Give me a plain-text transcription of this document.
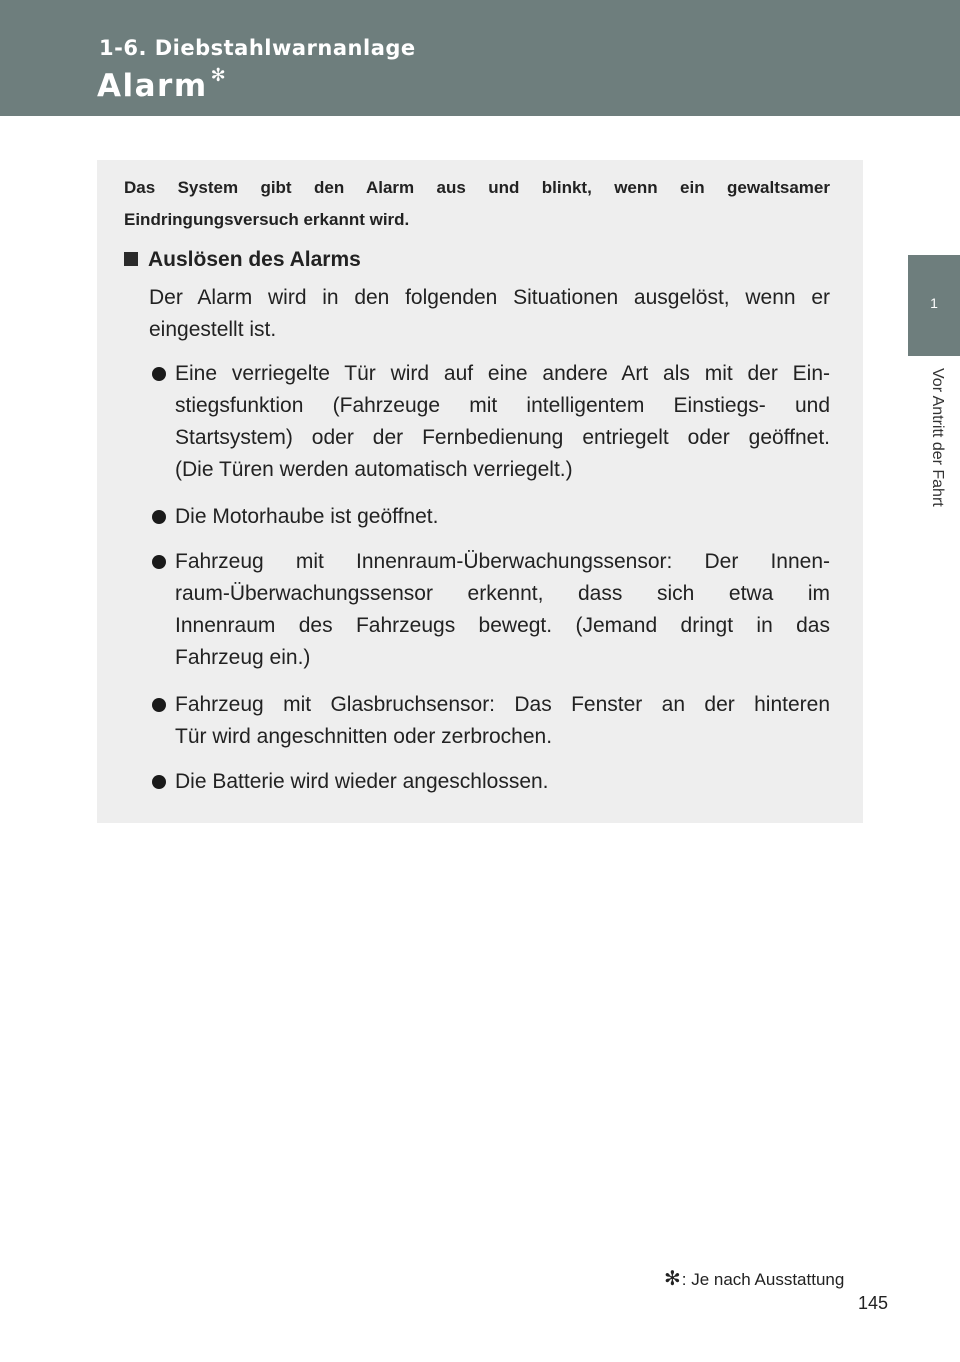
1-6. Diebstahlwarnanlage
Alarm ✻
1
Vor Antritt der Fahrt

Das System gibt den Alarm aus und blinkt, wenn ein gewaltsamer
Eindringungsversuch erkannt wird.

Auslösen des Alarms

Der Alarm wird in den folgenden Situationen ausgelöst, wenn er
eingestellt ist.

Eine verriegelte Tür wird auf eine andere Art als mit der Ein-
stiegsfunktion (Fahrzeuge mit intelligentem Einstiegs- und
Startsystem) oder der Fernbedienung entriegelt oder geöffnet.
(Die Türen werden automatisch verriegelt.)
Die Motorhaube ist geöffnet.
Fahrzeug mit Innenraum-Überwachungssensor: Der Innen-
raum-Überwachungssensor erkennt, dass sich etwa im
Innenraum des Fahrzeugs bewegt. (Jemand dringt in das
Fahrzeug ein.)
Fahrzeug mit Glasbruchsensor: Das Fenster an der hinteren
Tür wird angeschnitten oder zerbrochen.
Die Batterie wird wieder angeschlossen.
✻: Je nach Ausstattung
145
